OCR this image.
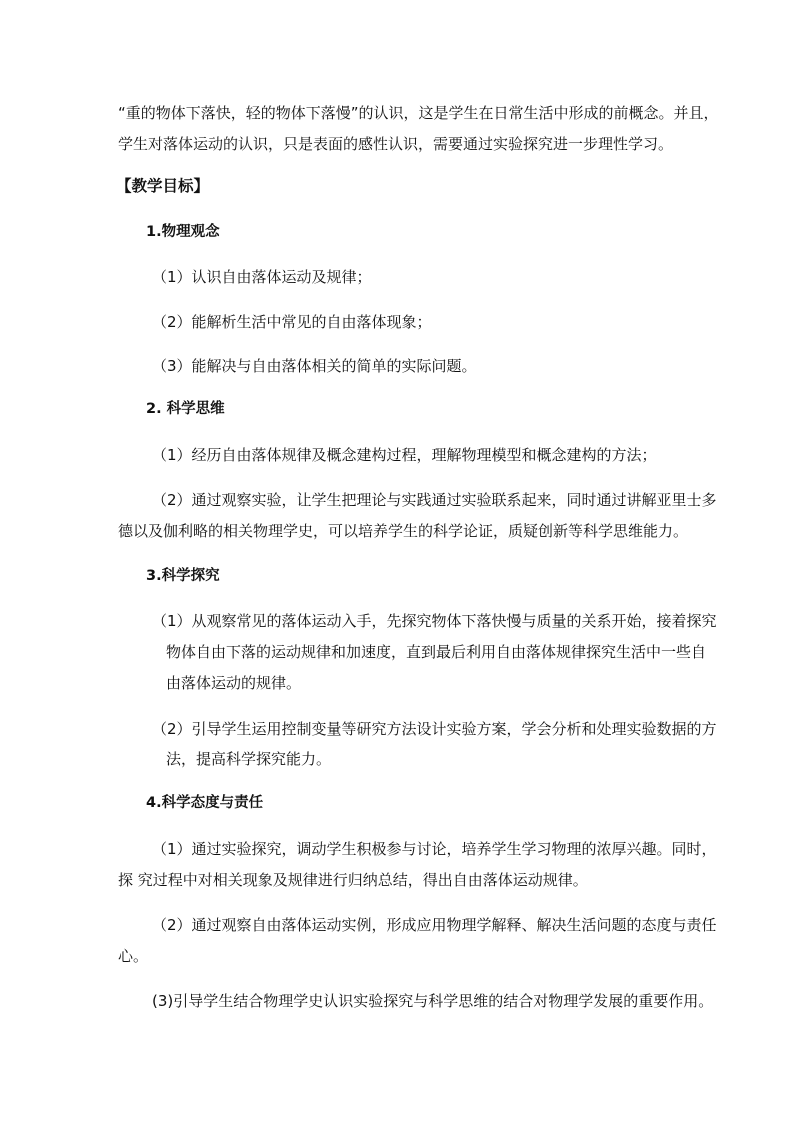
“重的物体下落快，轻的物体下落慢”的认识，这是学生在日常生活中形成的前概念。并且，

学生对落体运动的认识，只是表面的感性认识，需要通过实验探究进一步理性学习。

【教学目标】

1.物理观念

（1）认识自由落体运动及规律；

（2）能解析生活中常见的自由落体现象；

（3）能解决与自由落体相关的简单的实际问题。

2. 科学思维

（1）经历自由落体规律及概念建构过程，理解物理模型和概念建构的方法；

（2）通过观察实验，让学生把理论与实践通过实验联系起来，同时通过讲解亚里士多

德以及伽利略的相关物理学史，可以培养学生的科学论证，质疑创新等科学思维能力。

3.科学探究

（1）从观察常见的落体运动入手，先探究物体下落快慢与质量的关系开始，接着探究

物体自由下落的运动规律和加速度，直到最后利用自由落体规律探究生活中一些自

由落体运动的规律。

（2）引导学生运用控制变量等研究方法设计实验方案，学会分析和处理实验数据的方

法，提高科学探究能力。

4.科学态度与责任

（1）通过实验探究，调动学生积极参与讨论，培养学生学习物理的浓厚兴趣。同时，

探 究过程中对相关现象及规律进行归纳总结，得出自由落体运动规律。

（2）通过观察自由落体运动实例，形成应用物理学解释、解决生活问题的态度与责任

心。

(3)引导学生结合物理学史认识实验探究与科学思维的结合对物理学发展的重要作用。
